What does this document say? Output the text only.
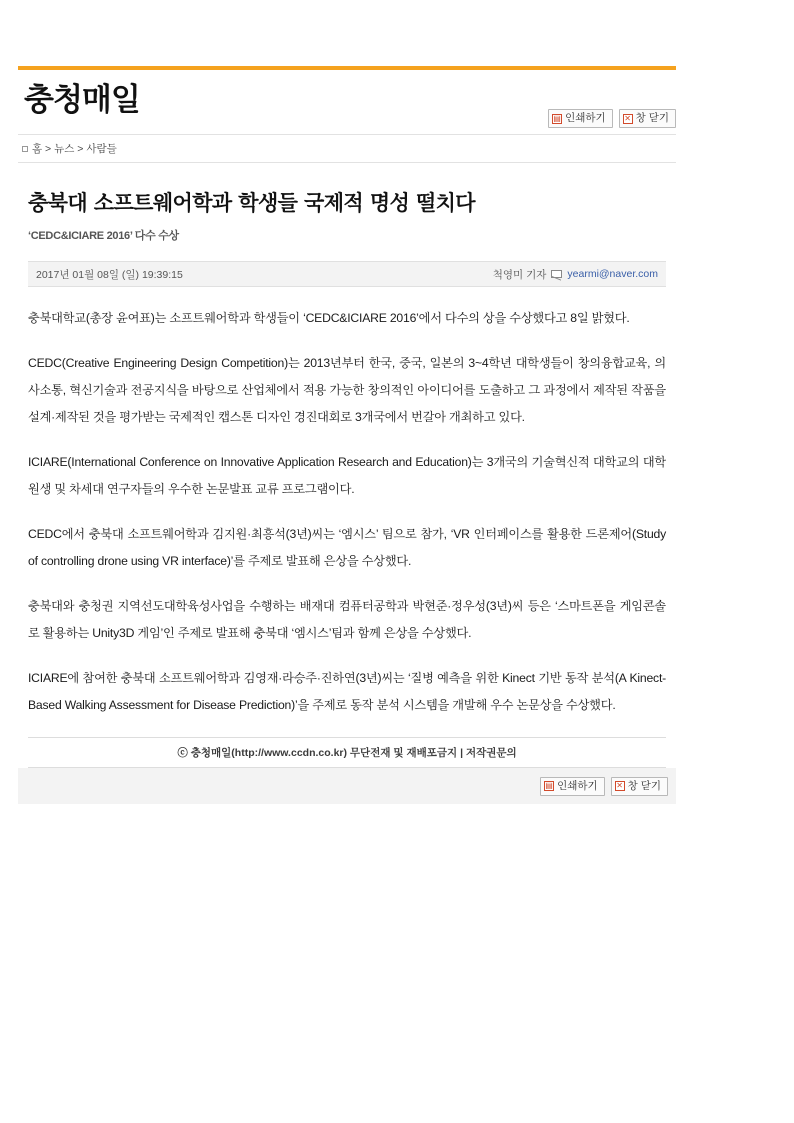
충청매일	▤ 인쇄하기 ✕ 창 닫기
홈 > 뉴스 > 사람들
충북대 소프트웨어학과 학생들 국제적 명성 떨치다

‘CEDC&ICIARE 2016’ 다수 수상

2017년 01월 08일 (일) 19:39:15	척영미 기자 yearmi@naver.com

충북대학교(총장 윤여표)는 소프트웨어학과 학생들이 ‘CEDC&ICIARE 2016’에서 다수의 상을 수상했다고 8일 밝혔다.

CEDC(Creative Engineering Design Competition)는 2013년부터 한국, 중국, 일본의 3~4학년 대학생들이 창의융합교육, 의사소통, 혁신기술과 전공지식을 바탕으로 산업체에서 적용 가능한 창의적인 아이디어를 도출하고 그 과정에서 제작된 작품을 설계·제작된 것을 평가받는 국제적인 캡스톤 디자인 경진대회로 3개국에서 번갈아 개최하고 있다.

ICIARE(International Conference on Innovative Application Research and Education)는 3개국의 기술혁신적 대학교의 대학원생 및 차세대 연구자들의 우수한 논문발표 교류 프로그램이다.

CEDC에서 충북대 소프트웨어학과 김지원·최흥석(3년)씨는 ‘엠시스’ 팀으로 참가, ‘VR 인터페이스를 활용한 드론제어(Study of controlling drone using VR interface)’를 주제로 발표해 은상을 수상했다.

충북대와 충청권 지역선도대학육성사업을 수행하는 배재대 컴퓨터공학과 박현준·정우성(3년)씨 등은 ‘스마트폰을 게임콘솔로 활용하는 Unity3D 게임’인 주제로 발표해 충북대 ‘엠시스’팀과 함께 은상을 수상했다.

ICIARE에 참여한 충북대 소프트웨어학과 김영재·라승주·진하연(3년)씨는 ‘질병 예측을 위한 Kinect 기반 동작 분석(A Kinect-Based Walking Assessment for Disease Prediction)’을 주제로 동작 분석 시스템을 개발해 우수 논문상을 수상했다.

ⓒ 충청매일(http://www.ccdn.co.kr) 무단전재 및 재배포금지 | 저작권문의
▤ 인쇄하기 ✕ 창 닫기
